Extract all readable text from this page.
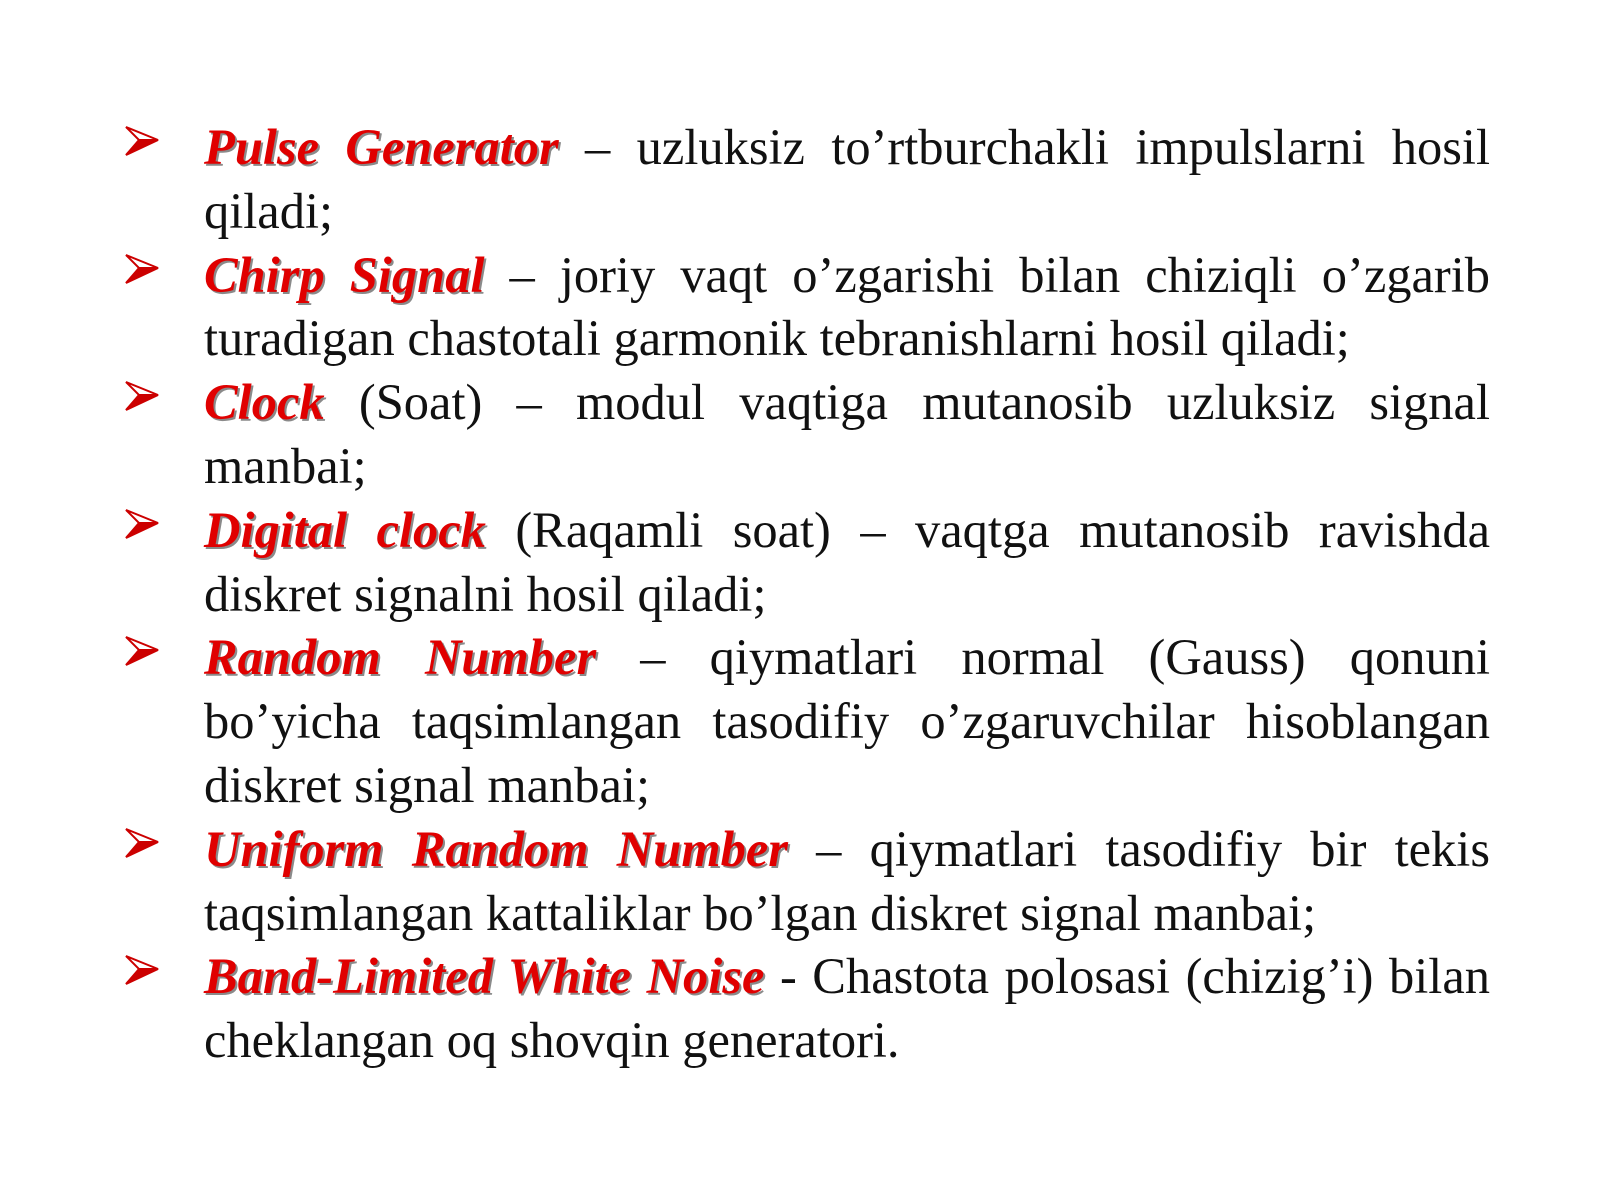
Pulse Generator – uzluksiz to’rtburchakli impulslarni hosil qiladi;
Chirp Signal – joriy vaqt o’zgarishi bilan chiziqli o’zgarib turadigan chastotali garmonik tebranishlarni hosil qiladi;
Clock (Soat) – modul vaqtiga mutanosib uzluksiz signal manbai;
Digital clock (Raqamli soat) – vaqtga mutanosib ravishda diskret signalni hosil qiladi;
Random Number – qiymatlari normal (Gauss) qonuni bo’yicha taqsimlangan tasodifiy o’zgaruvchilar hisoblangan diskret signal manbai;
Uniform Random Number – qiymatlari tasodifiy bir tekis taqsimlangan kattaliklar bo’lgan diskret signal manbai;
Band-Limited White Noise - Chastota polosasi (chizig’i) bilan cheklangan oq shovqin generatori.
